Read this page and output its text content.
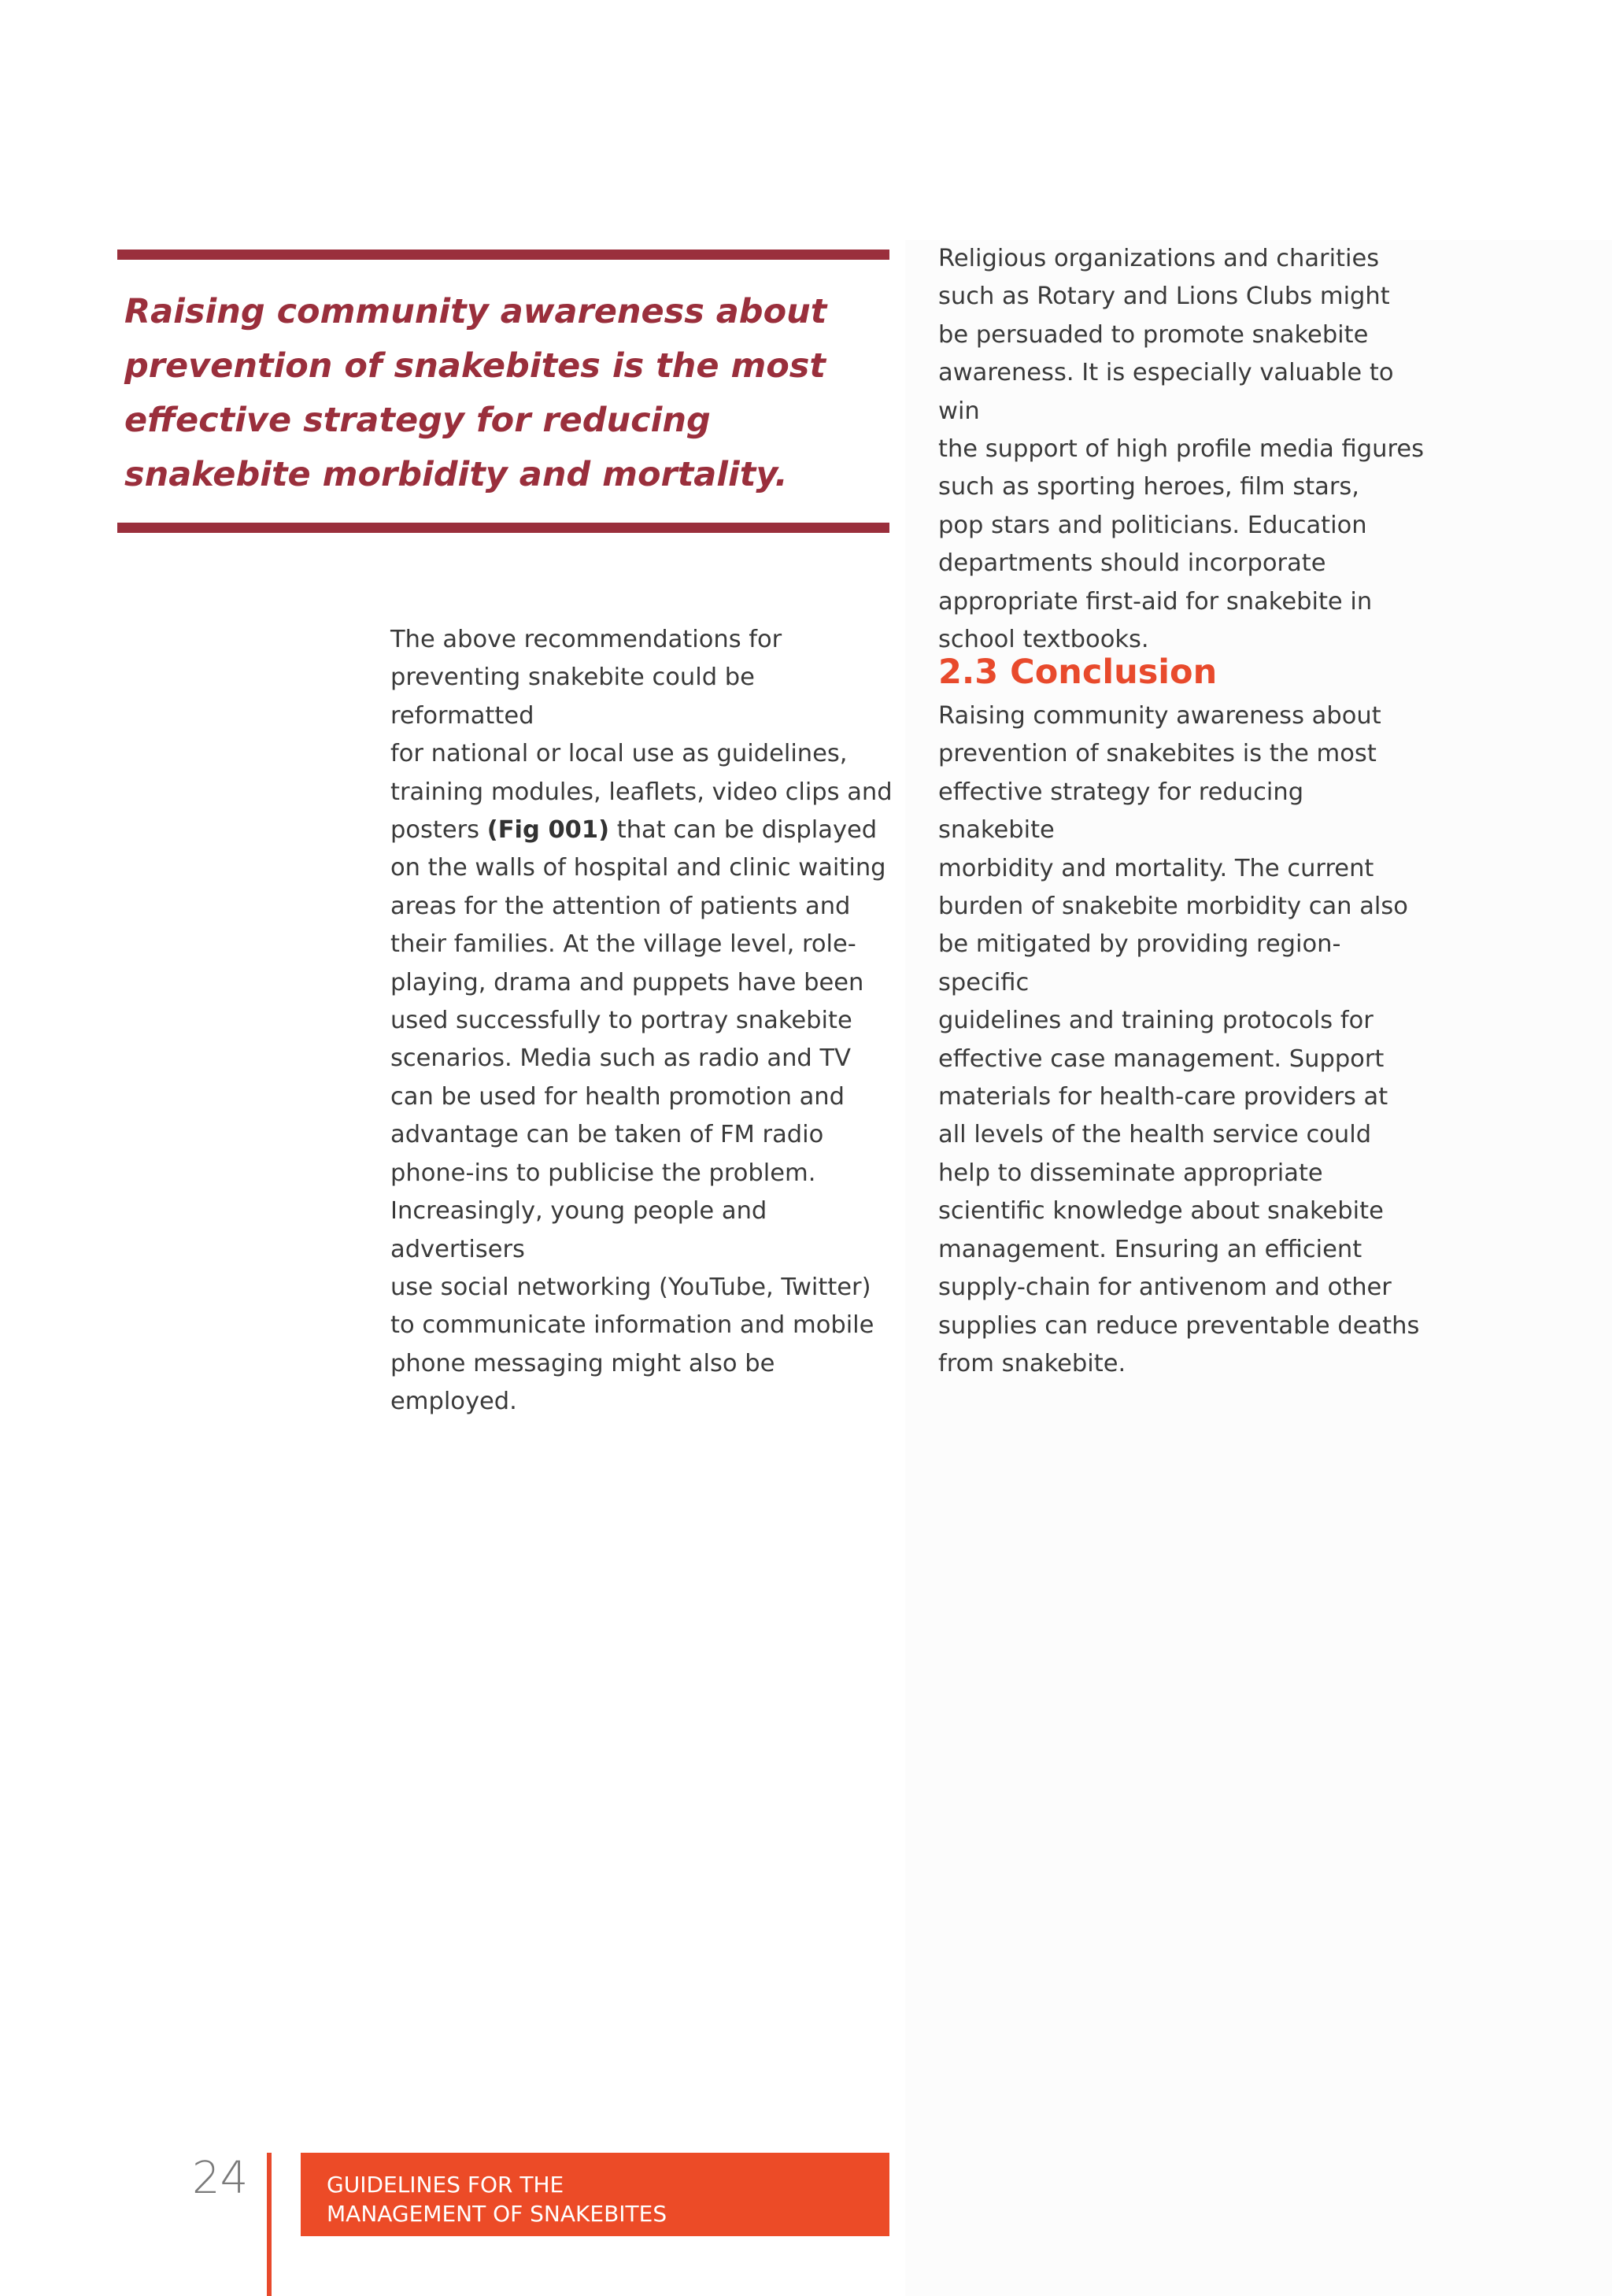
Raising community awareness about prevention of snakebites is the most effective strategy for reducing snakebite morbidity and mortality.

The above recommendations for
preventing snakebite could be reformatted
for national or local use as guidelines,
training modules, leaflets, video clips and
posters (Fig 001) that can be displayed
on the walls of hospital and clinic waiting
areas for the attention of patients and
their families. At the village level, role-
playing, drama and puppets have been
used successfully to portray snakebite
scenarios. Media such as radio and TV
can be used for health promotion and
advantage can be taken of FM radio
phone-ins to publicise the problem.
Increasingly, young people and advertisers
use social networking (YouTube, Twitter)
to communicate information and mobile
phone messaging might also be employed.

Religious organizations and charities
such as Rotary and Lions Clubs might
be persuaded to promote snakebite
awareness. It is especially valuable to win
the support of high profile media figures
such as sporting heroes, film stars,
pop stars and politicians. Education
departments should incorporate
appropriate first-aid for snakebite in
school textbooks.

2.3 Conclusion

Raising community awareness about
prevention of snakebites is the most
effective strategy for reducing snakebite
morbidity and mortality. The current
burden of snakebite morbidity can also
be mitigated by providing region-specific
guidelines and training protocols for
effective case management. Support
materials for health-care providers at
all levels of the health service could
help to disseminate appropriate
scientific knowledge about snakebite
management. Ensuring an efficient
supply-chain for antivenom and other
supplies can reduce preventable deaths
from snakebite.

24	GUIDELINES FOR THE
MANAGEMENT OF SNAKEBITES
